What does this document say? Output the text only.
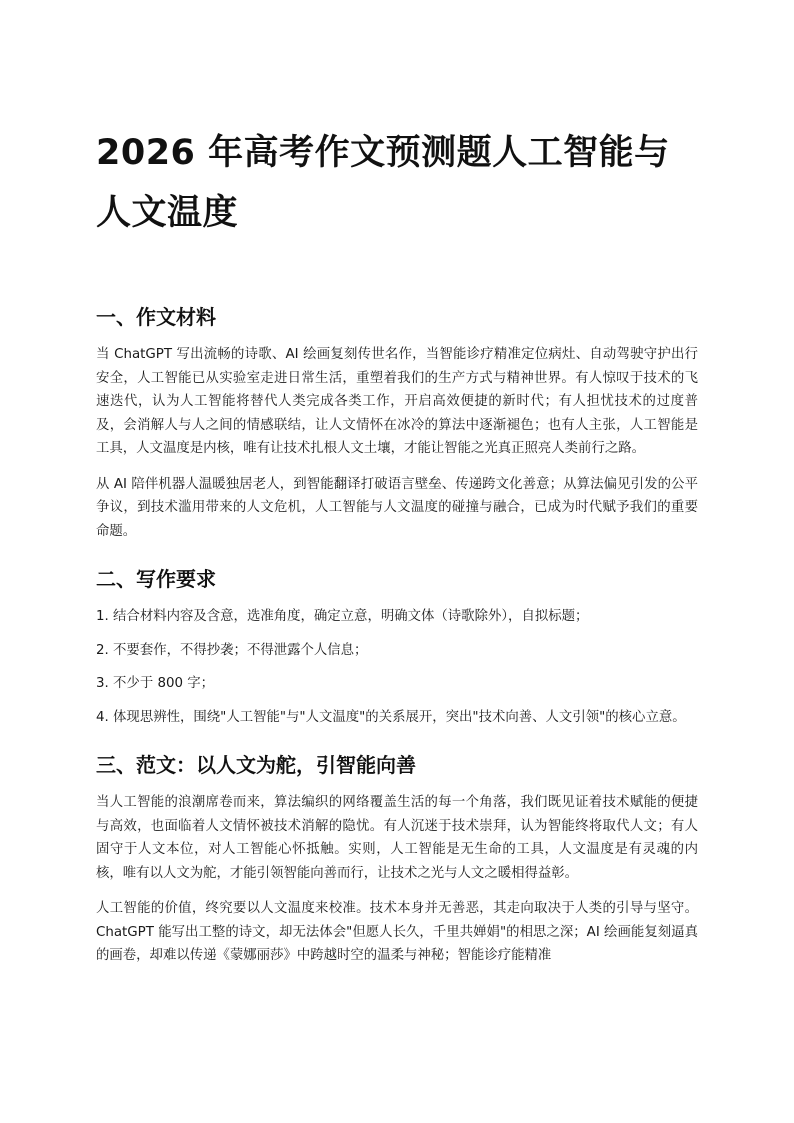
2026 年高考作文预测题人工智能与人文温度
一、作文材料

当 ChatGPT 写出流畅的诗歌、AI 绘画复刻传世名作，当智能诊疗精准定位病灶、自动驾驶守护出行安全，人工智能已从实验室走进日常生活，重塑着我们的生产方式与精神世界。有人惊叹于技术的飞速迭代，认为人工智能将替代人类完成各类工作，开启高效便捷的新时代；有人担忧技术的过度普及，会消解人与人之间的情感联结，让人文情怀在冰冷的算法中逐渐褪色；也有人主张，人工智能是工具，人文温度是内核，唯有让技术扎根人文土壤，才能让智能之光真正照亮人类前行之路。

从 AI 陪伴机器人温暖独居老人，到智能翻译打破语言壁垒、传递跨文化善意；从算法偏见引发的公平争议，到技术滥用带来的人文危机，人工智能与人文温度的碰撞与融合，已成为时代赋予我们的重要命题。

二、写作要求

1. 结合材料内容及含意，选准角度，确定立意，明确文体（诗歌除外），自拟标题；

2. 不要套作，不得抄袭；不得泄露个人信息；

3. 不少于 800 字；

4. 体现思辨性，围绕"人工智能"与"人文温度"的关系展开，突出"技术向善、人文引领"的核心立意。

三、范文：以人文为舵，引智能向善

当人工智能的浪潮席卷而来，算法编织的网络覆盖生活的每一个角落，我们既见证着技术赋能的便捷与高效，也面临着人文情怀被技术消解的隐忧。有人沉迷于技术崇拜，认为智能终将取代人文；有人固守于人文本位，对人工智能心怀抵触。实则，人工智能是无生命的工具，人文温度是有灵魂的内核，唯有以人文为舵，才能引领智能向善而行，让技术之光与人文之暖相得益彰。

人工智能的价值，终究要以人文温度来校准。技术本身并无善恶，其走向取决于人类的引导与坚守。ChatGPT 能写出工整的诗文，却无法体会"但愿人长久，千里共婵娟"的相思之深；AI 绘画能复刻逼真的画卷，却难以传递《蒙娜丽莎》中跨越时空的温柔与神秘；智能诊疗能精准
